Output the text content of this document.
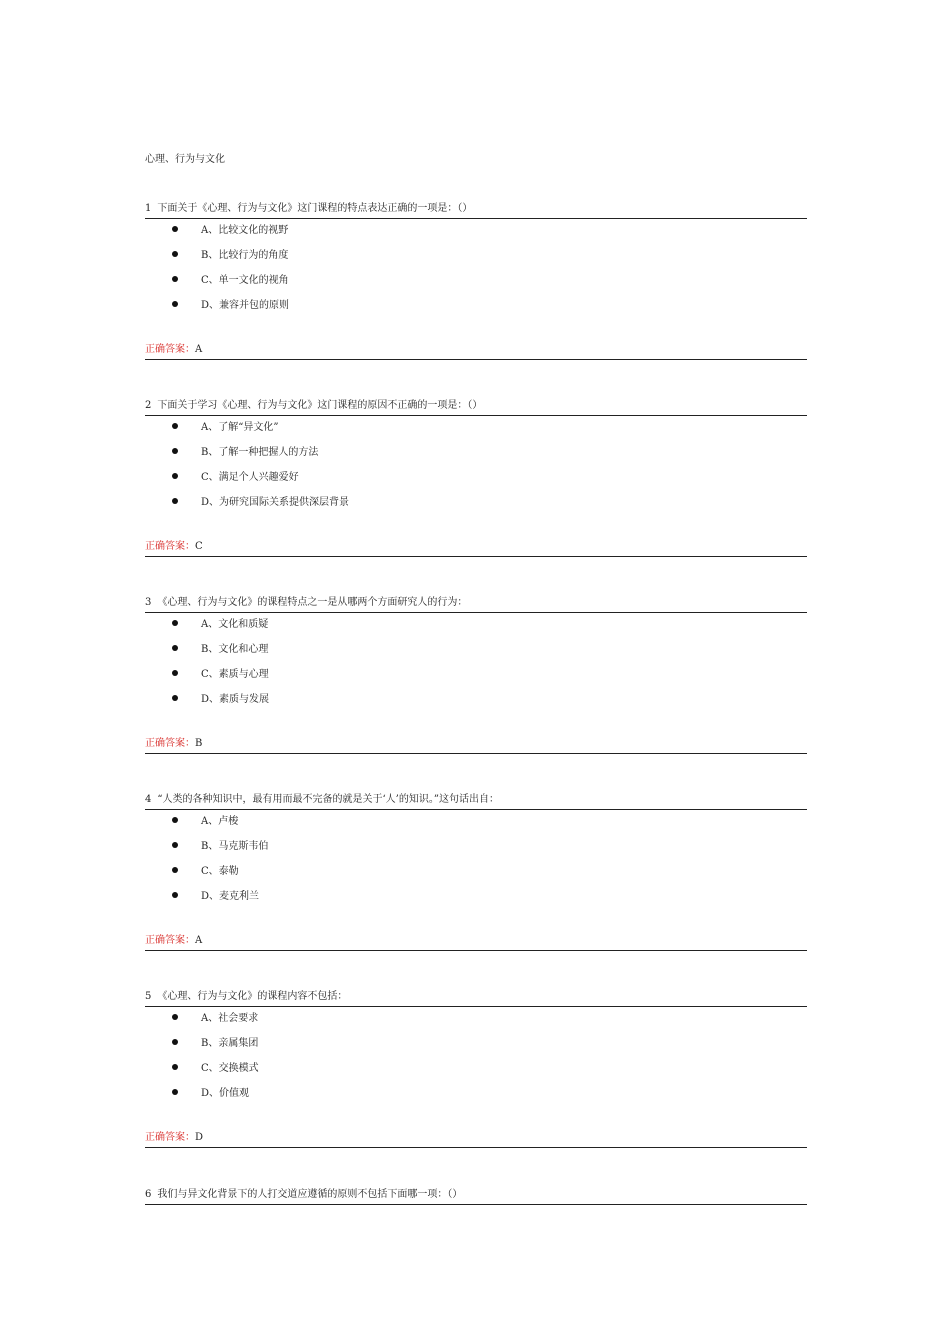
心理、行为与文化
1 下面关于《心理、行为与文化》这门课程的特点表达正确的一项是：（）
A、比较文化的视野
B、比较行为的角度
C、单一文化的视角
D、兼容并包的原则
正确答案：A
2 下面关于学习《心理、行为与文化》这门课程的原因不正确的一项是：（）
A、了解“异文化”
B、了解一种把握人的方法
C、满足个人兴趣爱好
D、为研究国际关系提供深层背景
正确答案：C
3 《心理、行为与文化》的课程特点之一是从哪两个方面研究人的行为：
A、文化和质疑
B、文化和心理
C、素质与心理
D、素质与发展
正确答案：B
4 “人类的各种知识中，最有用而最不完备的就是关于‘人’的知识。”这句话出自：
A、卢梭
B、马克斯韦伯
C、泰勒
D、麦克利兰
正确答案：A
5 《心理、行为与文化》的课程内容不包括：
A、社会要求
B、亲属集团
C、交换模式
D、价值观
正确答案：D
6 我们与异文化背景下的人打交道应遵循的原则不包括下面哪一项：（）
